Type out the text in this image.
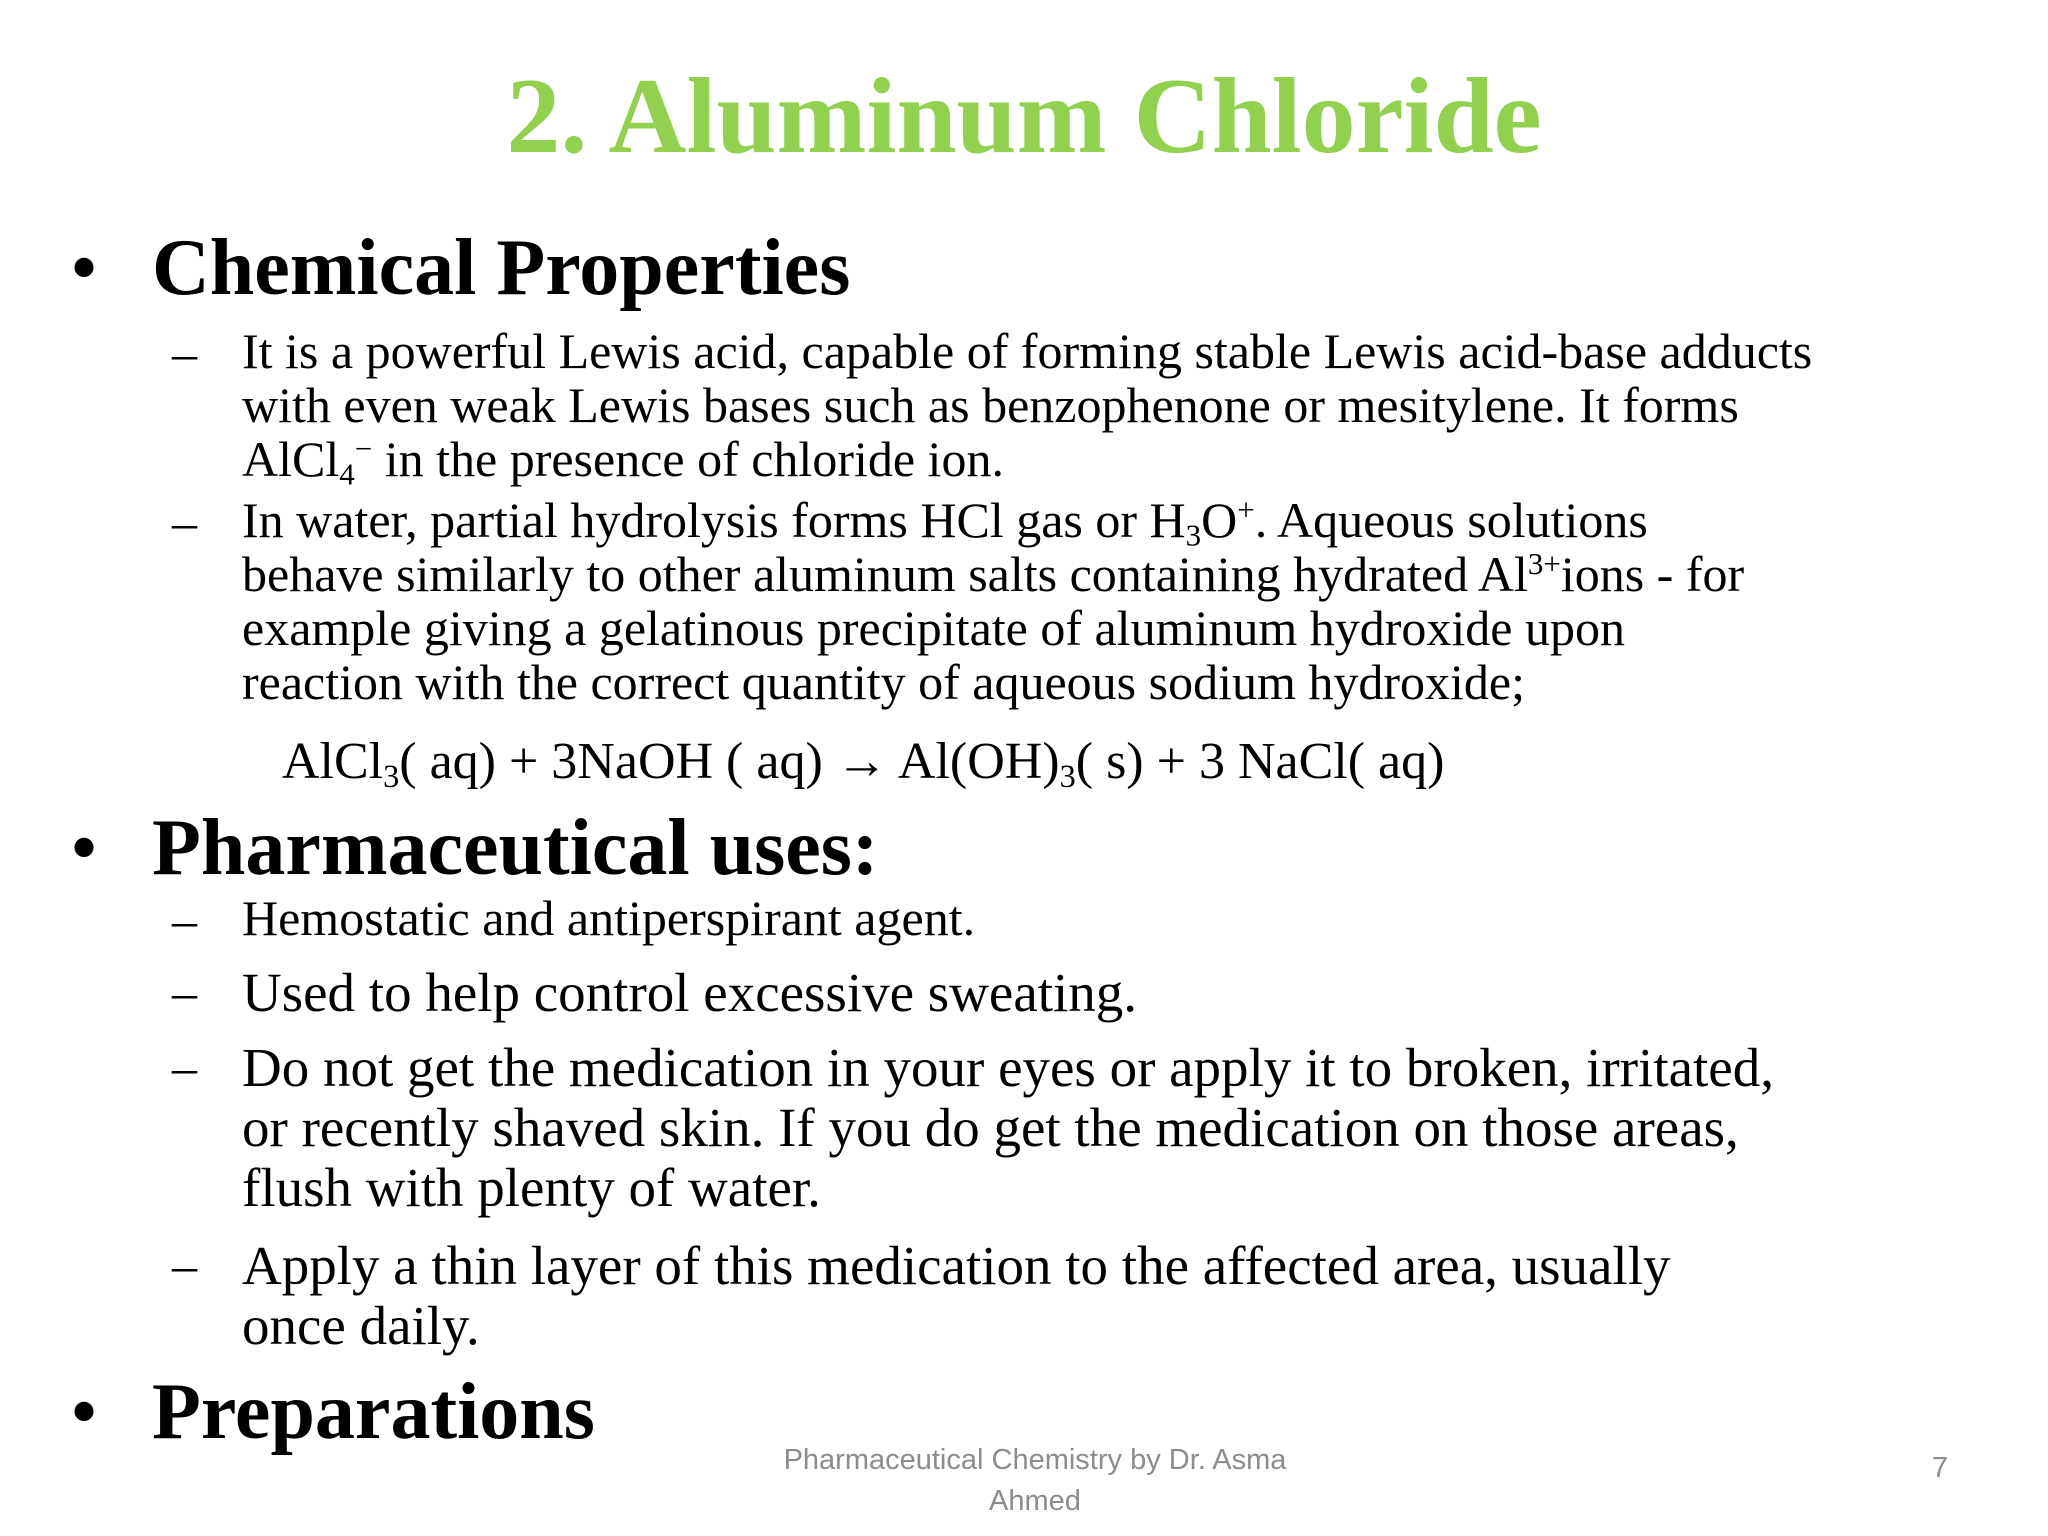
2. Aluminum Chloride
• Chemical Properties
– It is a powerful Lewis acid, capable of forming stable Lewis acid-base adducts
with even weak Lewis bases such as benzophenone or mesitylene. It forms
AlCl$_4$− in the presence of chloride ion.
– In water, partial hydrolysis forms HCl gas or $H_3O^+$. Aqueous solutions
behave similarly to other aluminum salts containing hydrated $Al^{3+}ions$ - for
example giving a gelatinous precipitate of aluminum hydroxide upon
reaction with the correct quantity of aqueous sodium hydroxide;
AlCl$_3$( aq) + 3NaOH ( $aq) \to Al(OH)_3$( s) + 3 NaCl( aq)
• Pharmaceutical uses:
– Hemostatic and antiperspirant agent.
– Used to help control excessive sweating.
– Do not get the medication in your eyes or apply it to broken, irritated,
or recently shaved skin. If you do get the medication on those areas,
flush with plenty of water.
– Apply a thin layer of this medication to the affected area, usually
once daily.
• Preparations
Pharmaceutical Chemistry by Dr. Asma
Ahmed
7
